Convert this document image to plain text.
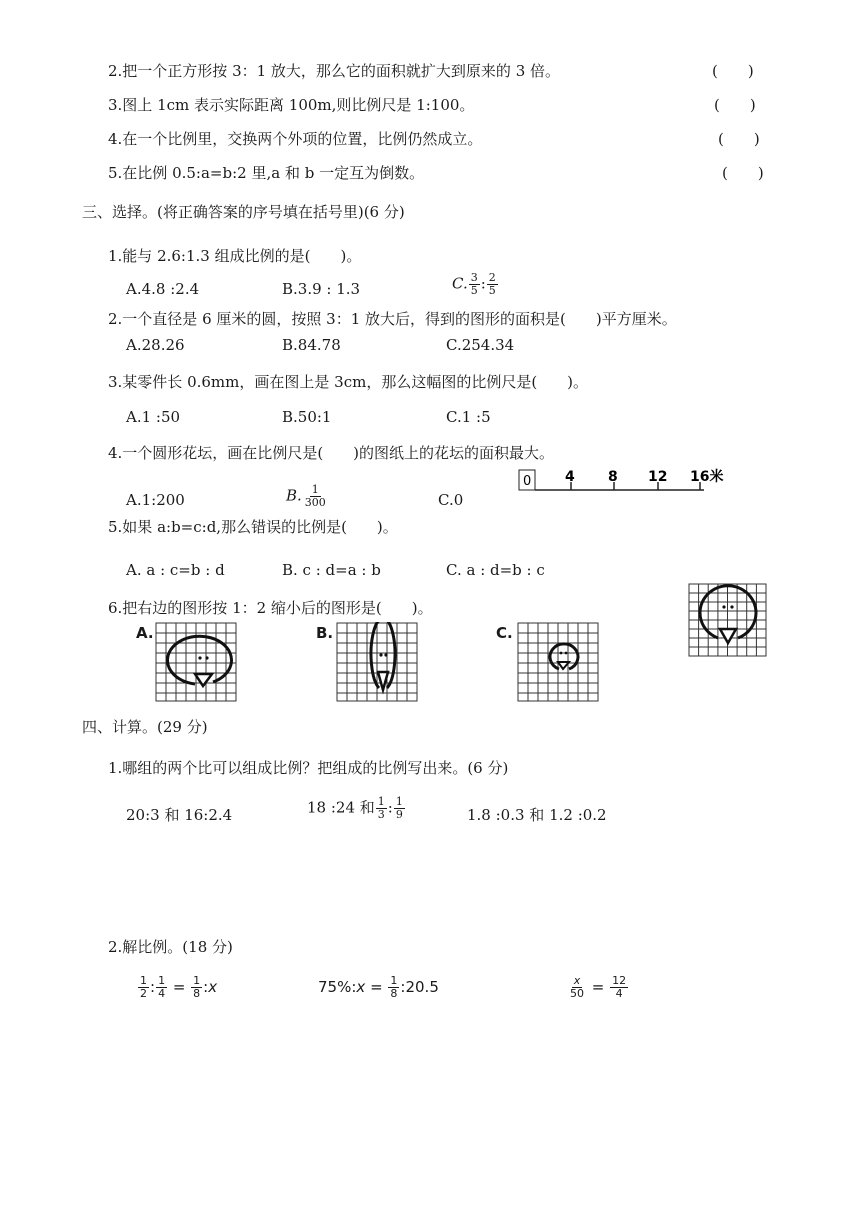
2.把一个正方形按 3：1 放大，那么它的面积就扩大到原来的 3 倍。	(　　)
3.图上 1cm 表示实际距离 100m,则比例尺是 1:100。	(　　)
4.在一个比例里，交换两个外项的位置，比例仍然成立。	(　　)
5.在比例 0.5:a=b:2 里,a 和 b 一定互为倒数。	(　　)
三、选择。(将正确答案的序号填在括号里)(6 分)
1.能与 2.6:1.3 组成比例的是(　　)。
A.4.8 :2.4	B.3.9 : 1.3	C. $\frac{3}{5}$ : $\frac{2}{5}$
2.一个直径是 6 厘米的圆，按照 3：1 放大后，得到的图形的面积是(　　)平方厘米。
A.28.26	B.84.78	C.254.34
3.某零件长 0.6mm，画在图上是 3cm，那么这幅图的比例尺是(　　)。
A.1 :50	B.50:1	C.1 :5
4.一个圆形花坛，画在比例尺是(　　)的图纸上的花坛的面积最大。
A.1:200	B. $\frac{1}{300}$	C.0
0 4 8 12 16米
5.如果 a:b=c:d,那么错误的比例是(　　)。
A. a : c=b : d	B. c : d=a : b	C. a : d=b : c
6.把右边的图形按 1：2 缩小后的图形是(　　)。
A.	B.	C.
四、计算。(29 分)
1.哪组的两个比可以组成比例？把组成的比例写出来。(6 分)
20:3 和 16:2.4	18 :24 和 $\frac{1}{3}$ : $\frac{1}{9}$	1.8 :0.3 和 1.2 :0.2
2.解比例。(18 分)
$\frac{1}{2}$ : $\frac{1}{4} = \frac{1}{8}$ :x	75%:x = $\frac{1}{8}$ :20.5	$\frac{x}{50} = \frac{12}{4}$
